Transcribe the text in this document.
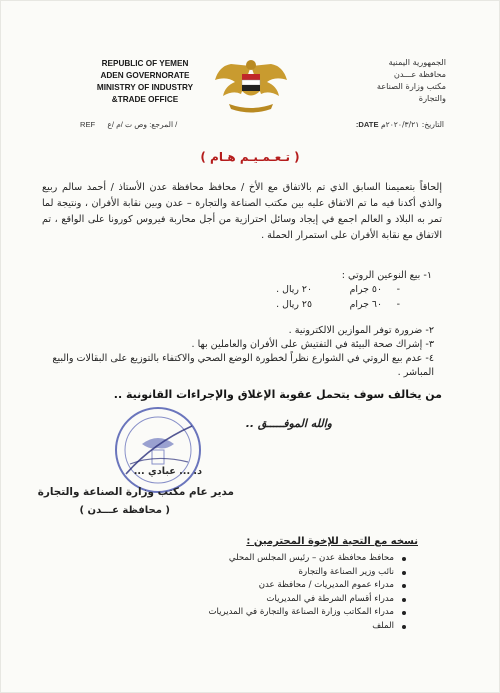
REPUBLIC OF YEMEN
ADEN GOVERNORATE
MINISTRY OF INDUSTRY
&TRADE OFFICE
الجمهورية اليمنية
محافظة عـــدن
مكتب وزارة الصناعة
والتجارة
REF المرجع: وص ت /م /ع /	التاريخ: ٢٠٢٠/٣/٢١م DATE:
( تـعـمـيـم هـام )
إلحاقاً بتعميمنا السابق الذي تم بالاتفاق مع الأخ / محافظ محافظة عدن الأستاذ / أحمد سالم ربيع والذي أكدنا فيه ما تم الاتفاق عليه بين مكتب الصناعة والتجارة – عدن وبين نقابة الأفران ، ونتيجة لما تمر به البلاد و العالم اجمع في إيجاد وسائل احترازية من أجل محاربة فيروس كورونا على الواقع ، تم الاتفاق مع نقابة الأفران على استمرار الحملة .
١- بيع النوعين الروتي :
-٥٠ جرام٢٠ ريال .
-٦٠ جرام٢٥ ريال .
٢- ضرورة توفر الموازين الالكترونية .
٣- إشراك صحة البيئة في التفتيش على الأفران والعاملين بها .
٤- عدم بيع الروتي في الشوارع نظراً لخطورة الوضع الصحي والاكتفاء بالتوزيع على البقالات والبيع المباشر .
من يخالف سوف يتحمل عقوبة الإغلاق والإجراءات القانونية ..
والله الموفـــــق ..
د. ... عبادي ...
مدير عام مكتب وزارة الصناعة والتجارة
( محافظة عـــدن )
نسخه مع التحية للإخوة المحترمين :
محافظ محافظة عدن – رئيس المجلس المحلي
نائب وزير الصناعة والتجارة
مدراء عموم المديريات / محافظة عدن
مدراء أقسام الشرطة في المديريات
مدراء المكاتب وزارة الصناعة والتجارة في المديريات
الملف
